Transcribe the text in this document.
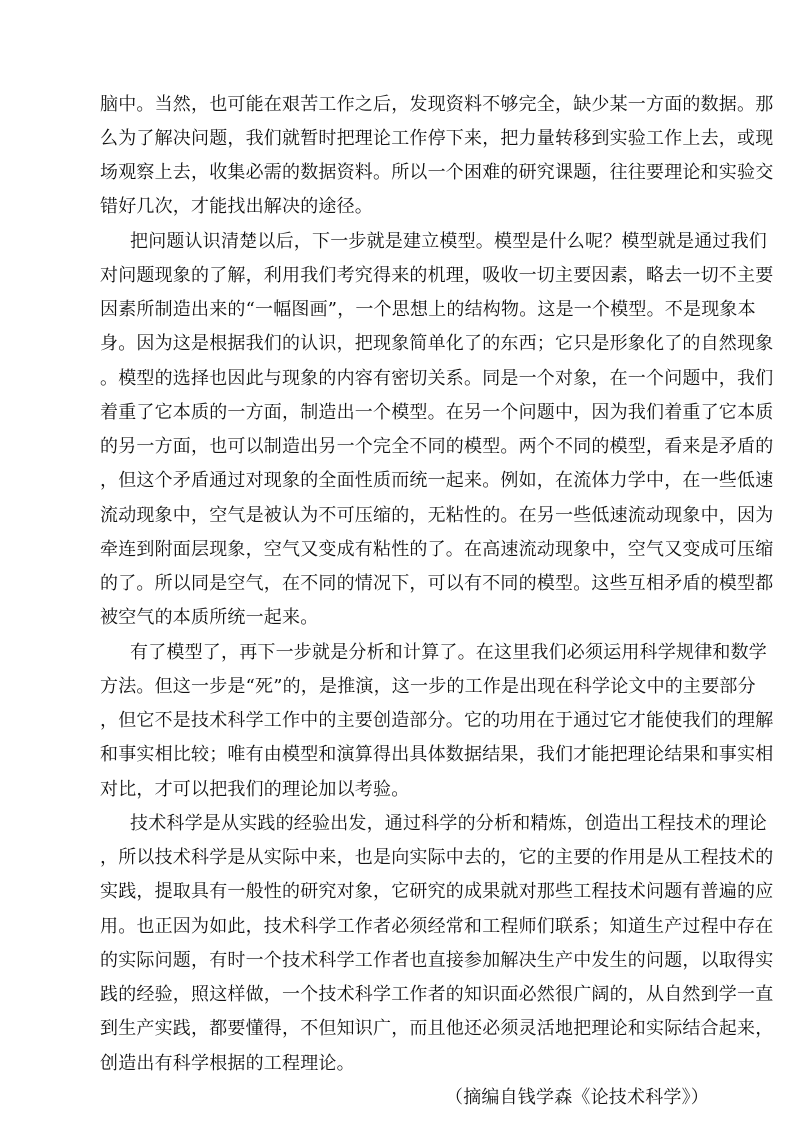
脑中。当然，也可能在艰苦工作之后，发现资料不够完全，缺少某一方面的数据。那
么为了解决问题，我们就暂时把理论工作停下来，把力量转移到实验工作上去，或现
场观察上去，收集必需的数据资料。所以一个困难的研究课题，往往要理论和实验交
错好几次，才能找出解决的途径。
把问题认识清楚以后，下一步就是建立模型。模型是什么呢？模型就是通过我们
对问题现象的了解，利用我们考究得来的机理，吸收一切主要因素，略去一切不主要
因素所制造出来的“一幅图画”，一个思想上的结构物。这是一个模型。不是现象本
身。因为这是根据我们的认识，把现象简单化了的东西；它只是形象化了的自然现象
。模型的选择也因此与现象的内容有密切关系。同是一个对象，在一个问题中，我们
着重了它本质的一方面，制造出一个模型。在另一个问题中，因为我们着重了它本质
的另一方面，也可以制造出另一个完全不同的模型。两个不同的模型，看来是矛盾的
，但这个矛盾通过对现象的全面性质而统一起来。例如，在流体力学中，在一些低速
流动现象中，空气是被认为不可压缩的，无粘性的。在另一些低速流动现象中，因为
牵连到附面层现象，空气又变成有粘性的了。在高速流动现象中，空气又变成可压缩
的了。所以同是空气，在不同的情况下，可以有不同的模型。这些互相矛盾的模型都
被空气的本质所统一起来。
有了模型了，再下一步就是分析和计算了。在这里我们必须运用科学规律和数学
方法。但这一步是“死”的，是推演，这一步的工作是出现在科学论文中的主要部分
，但它不是技术科学工作中的主要创造部分。它的功用在于通过它才能使我们的理解
和事实相比较；唯有由模型和演算得出具体数据结果，我们才能把理论结果和事实相
对比，才可以把我们的理论加以考验。
技术科学是从实践的经验出发，通过科学的分析和精炼，创造出工程技术的理论
，所以技术科学是从实际中来，也是向实际中去的，它的主要的作用是从工程技术的
实践，提取具有一般性的研究对象，它研究的成果就对那些工程技术问题有普遍的应
用。也正因为如此，技术科学工作者必须经常和工程师们联系；知道生产过程中存在
的实际问题，有时一个技术科学工作者也直接参加解决生产中发生的问题，以取得实
践的经验，照这样做，一个技术科学工作者的知识面必然很广阔的，从自然到学一直
到生产实践，都要懂得，不但知识广，而且他还必须灵活地把理论和实际结合起来，
创造出有科学根据的工程理论。
（摘编自钱学森《论技术科学》）
